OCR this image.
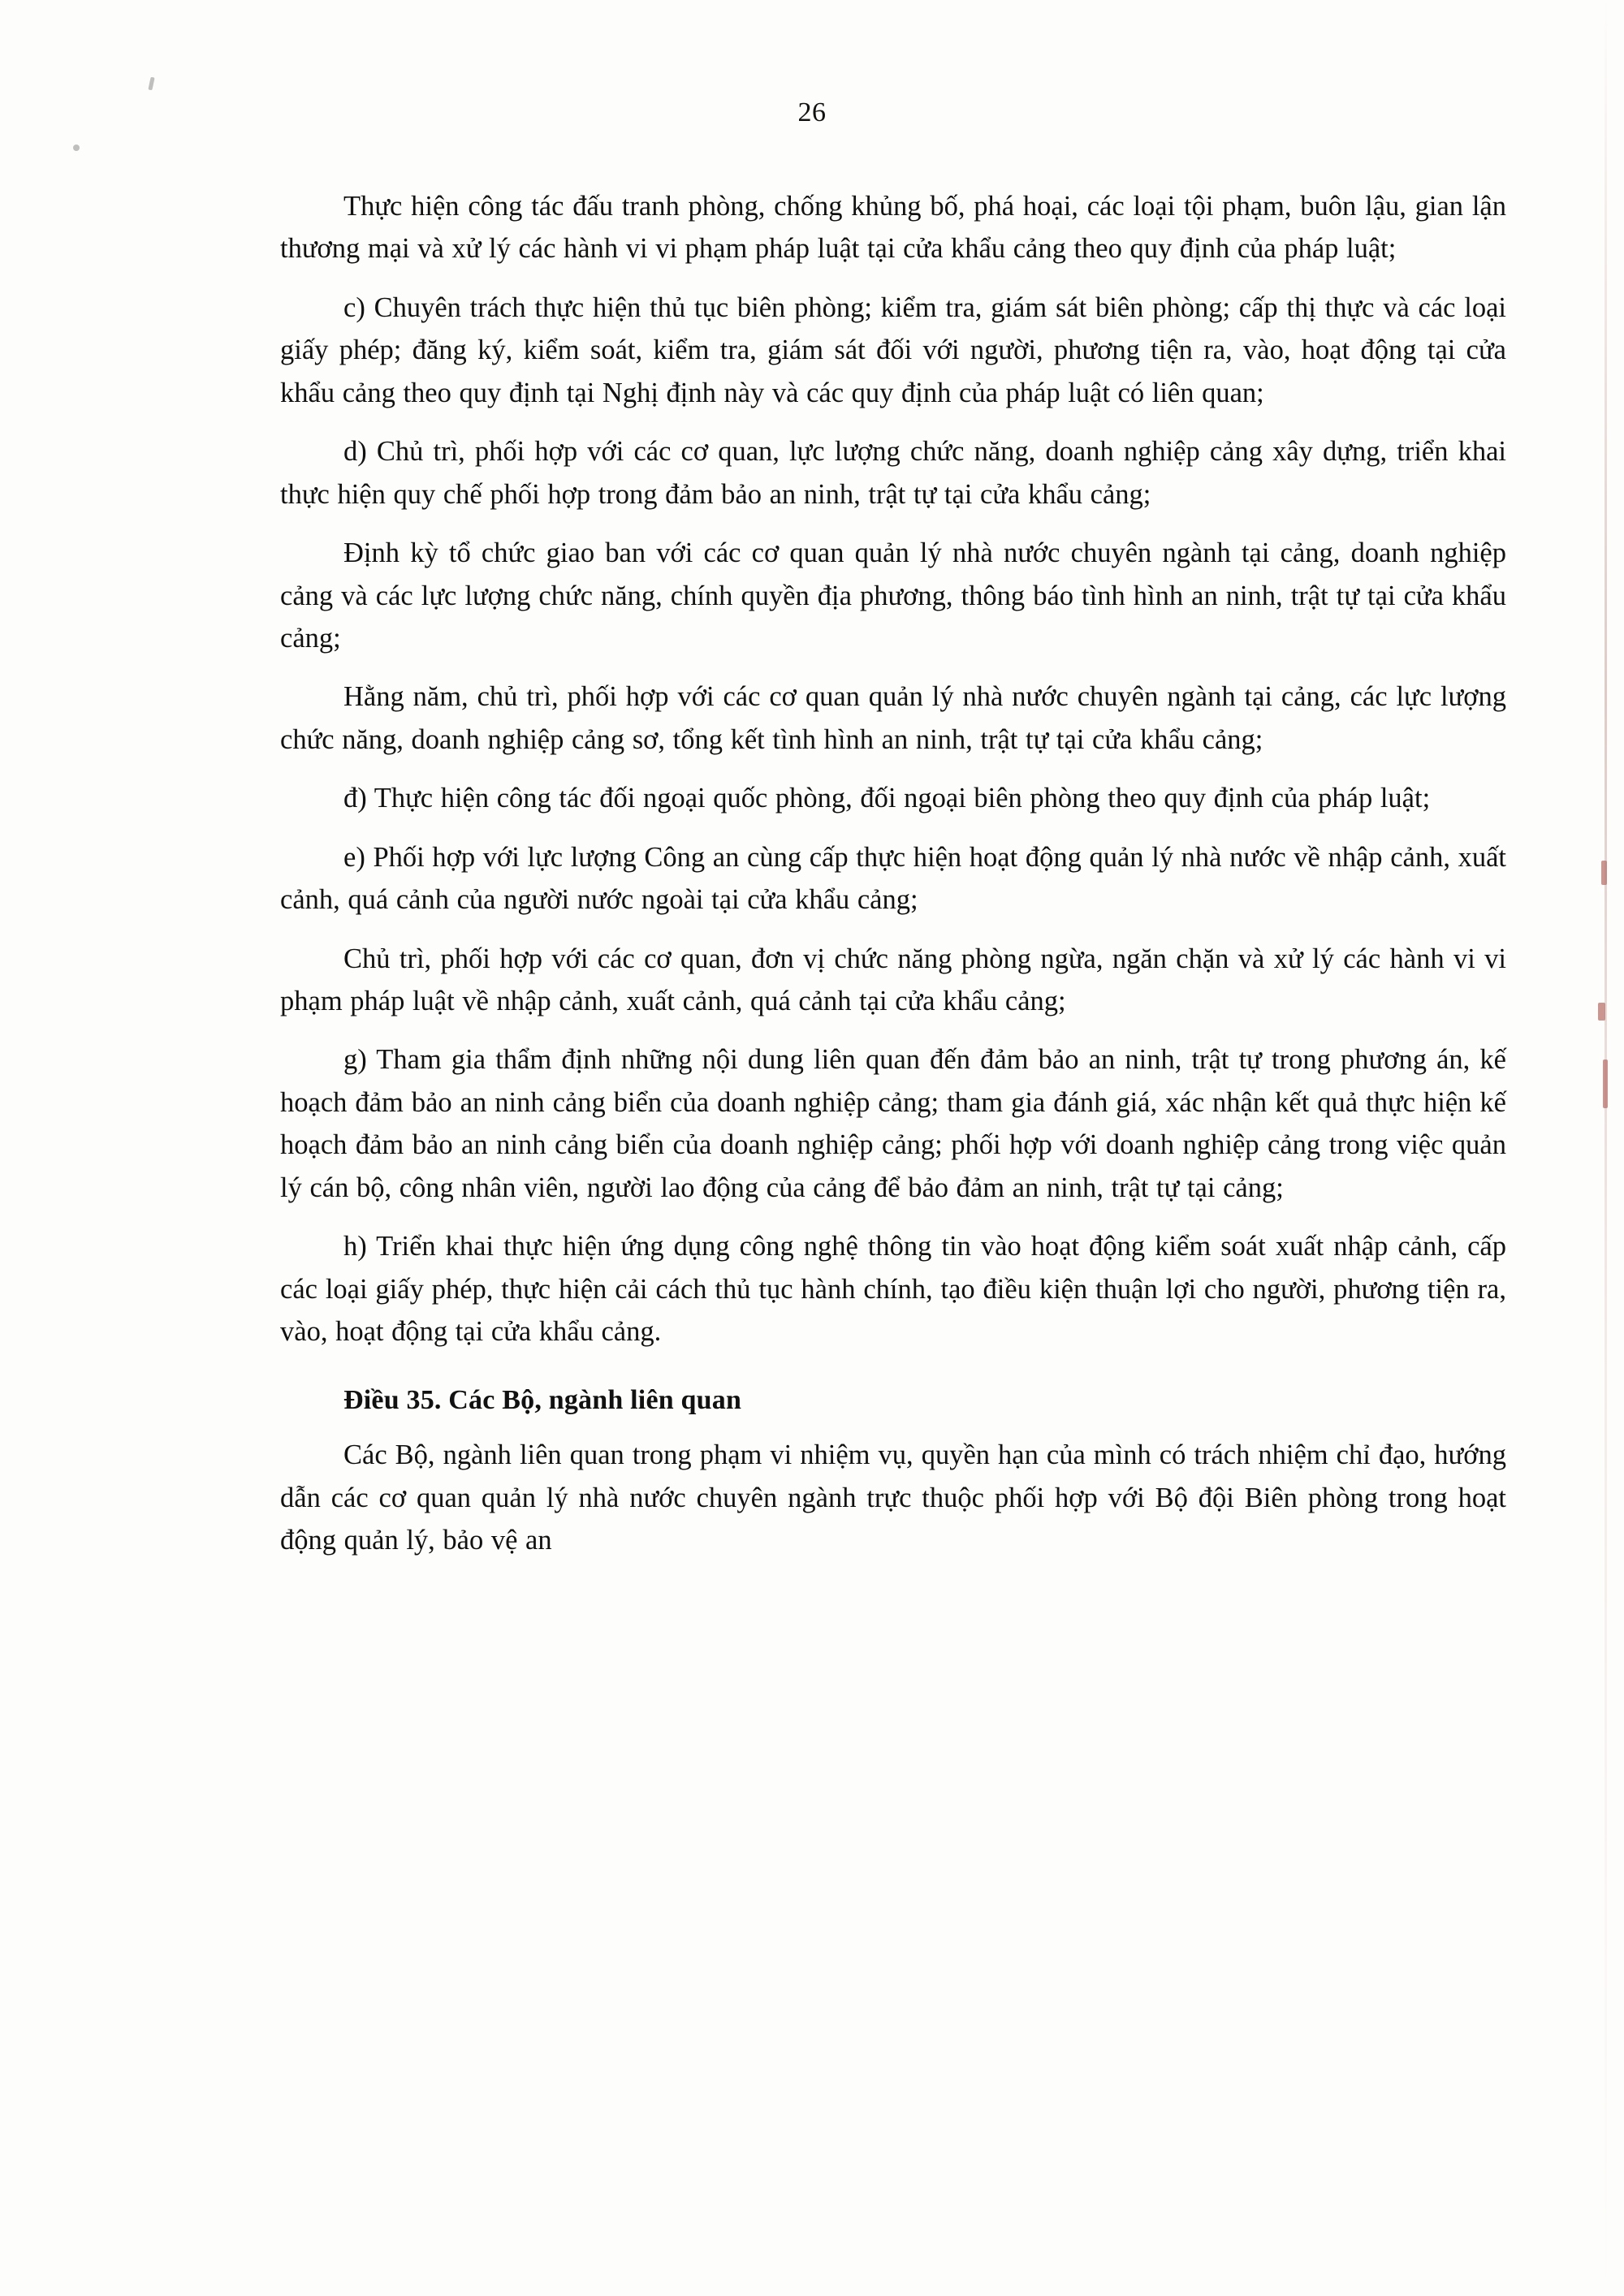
26

Thực hiện công tác đấu tranh phòng, chống khủng bố, phá hoại, các loại tội phạm, buôn lậu, gian lận thương mại và xử lý các hành vi vi phạm pháp luật tại cửa khẩu cảng theo quy định của pháp luật;

c) Chuyên trách thực hiện thủ tục biên phòng; kiểm tra, giám sát biên phòng; cấp thị thực và các loại giấy phép; đăng ký, kiểm soát, kiểm tra, giám sát đối với người, phương tiện ra, vào, hoạt động tại cửa khẩu cảng theo quy định tại Nghị định này và các quy định của pháp luật có liên quan;

d) Chủ trì, phối hợp với các cơ quan, lực lượng chức năng, doanh nghiệp cảng xây dựng, triển khai thực hiện quy chế phối hợp trong đảm bảo an ninh, trật tự tại cửa khẩu cảng;

Định kỳ tổ chức giao ban với các cơ quan quản lý nhà nước chuyên ngành tại cảng, doanh nghiệp cảng và các lực lượng chức năng, chính quyền địa phương, thông báo tình hình an ninh, trật tự tại cửa khẩu cảng;

Hằng năm, chủ trì, phối hợp với các cơ quan quản lý nhà nước chuyên ngành tại cảng, các lực lượng chức năng, doanh nghiệp cảng sơ, tổng kết tình hình an ninh, trật tự tại cửa khẩu cảng;

đ) Thực hiện công tác đối ngoại quốc phòng, đối ngoại biên phòng theo quy định của pháp luật;

e) Phối hợp với lực lượng Công an cùng cấp thực hiện hoạt động quản lý nhà nước về nhập cảnh, xuất cảnh, quá cảnh của người nước ngoài tại cửa khẩu cảng;

Chủ trì, phối hợp với các cơ quan, đơn vị chức năng phòng ngừa, ngăn chặn và xử lý các hành vi vi phạm pháp luật về nhập cảnh, xuất cảnh, quá cảnh tại cửa khẩu cảng;

g) Tham gia thẩm định những nội dung liên quan đến đảm bảo an ninh, trật tự trong phương án, kế hoạch đảm bảo an ninh cảng biển của doanh nghiệp cảng; tham gia đánh giá, xác nhận kết quả thực hiện kế hoạch đảm bảo an ninh cảng biển của doanh nghiệp cảng; phối hợp với doanh nghiệp cảng trong việc quản lý cán bộ, công nhân viên, người lao động của cảng để bảo đảm an ninh, trật tự tại cảng;

h) Triển khai thực hiện ứng dụng công nghệ thông tin vào hoạt động kiểm soát xuất nhập cảnh, cấp các loại giấy phép, thực hiện cải cách thủ tục hành chính, tạo điều kiện thuận lợi cho người, phương tiện ra, vào, hoạt động tại cửa khẩu cảng.

Điều 35. Các Bộ, ngành liên quan

Các Bộ, ngành liên quan trong phạm vi nhiệm vụ, quyền hạn của mình có trách nhiệm chỉ đạo, hướng dẫn các cơ quan quản lý nhà nước chuyên ngành trực thuộc phối hợp với Bộ đội Biên phòng trong hoạt động quản lý, bảo vệ an
